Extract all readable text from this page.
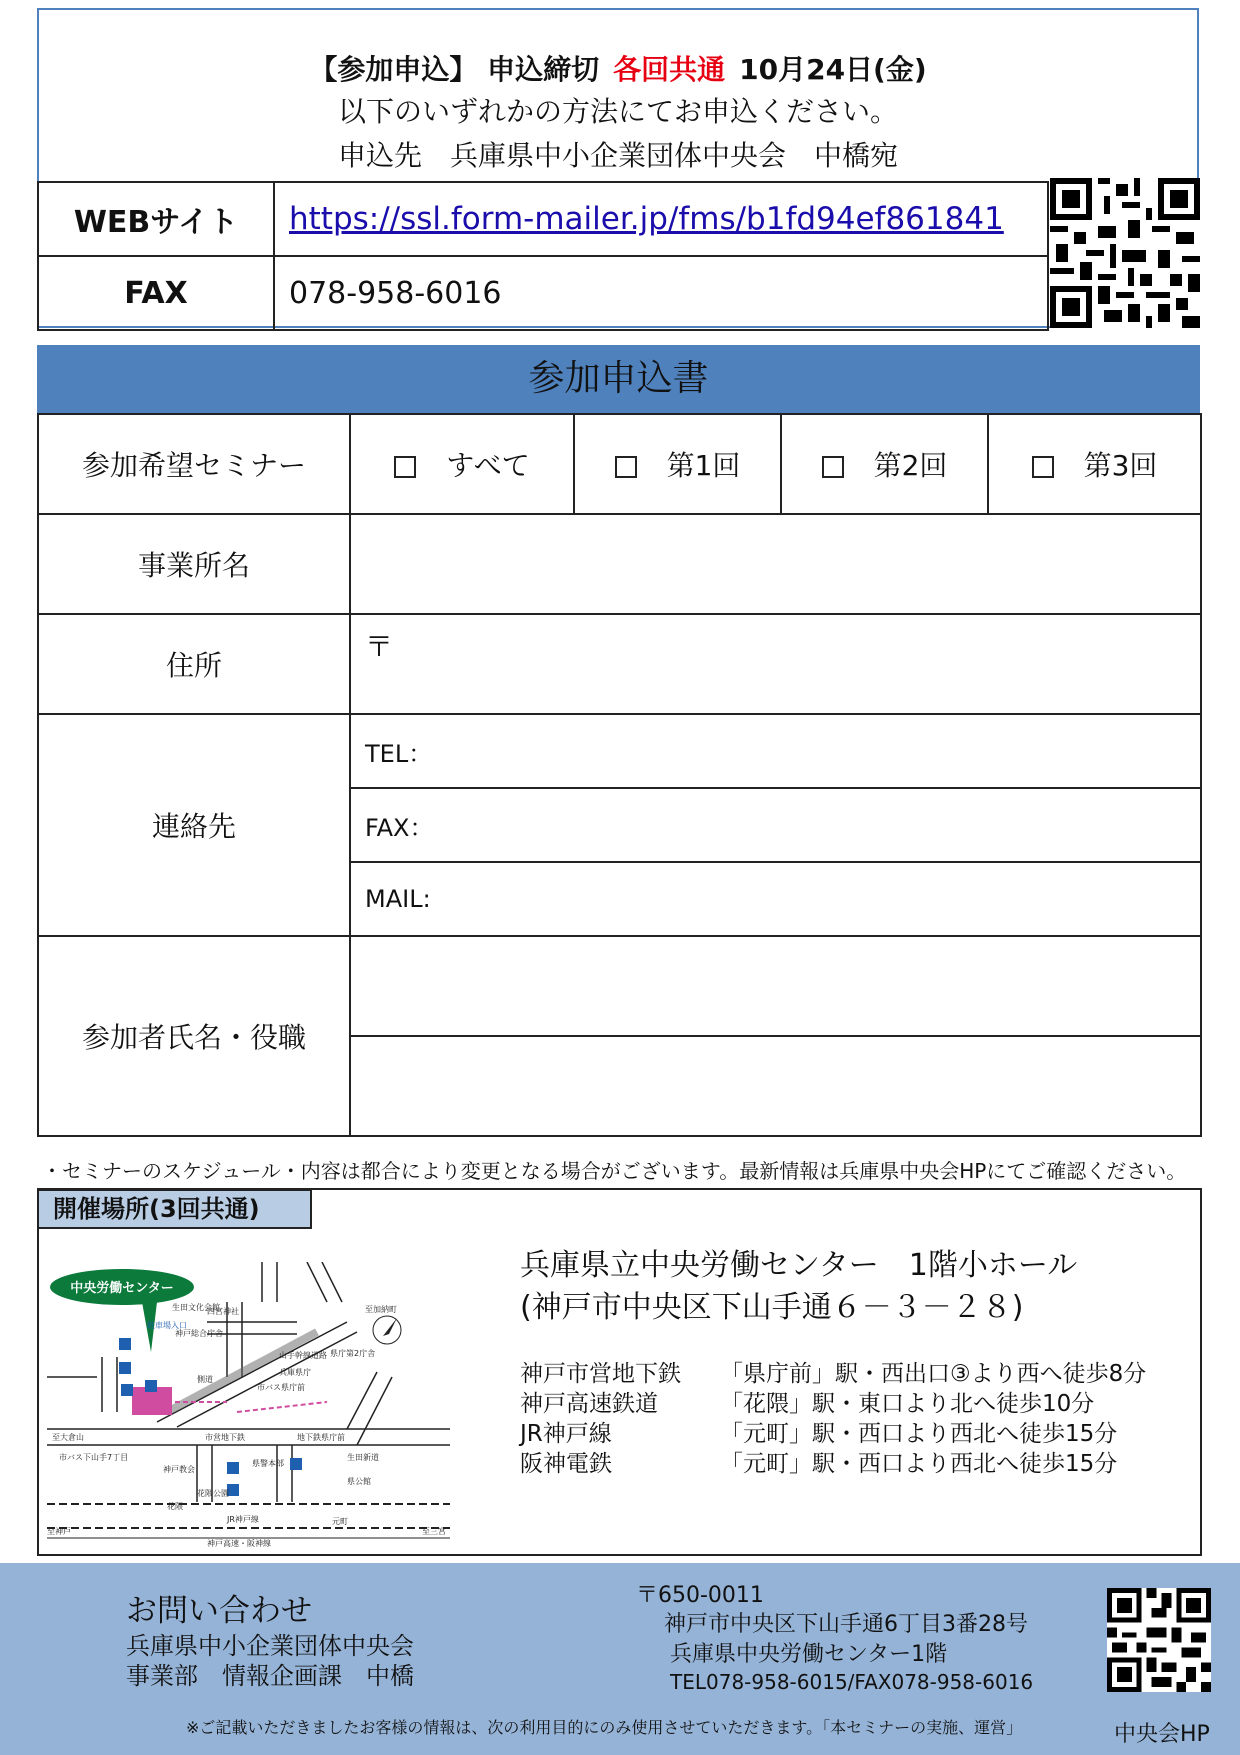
【参加申込】 申込締切 各回共通 10月24日(金)
以下のいずれかの方法にてお申込ください。
申込先　兵庫県中小企業団体中央会　中橋宛
WEBサイト	https://ssl.form-mailer.jp/fms/b1fd94ef861841
FAX	078-958-6016
参加申込書
参加希望セミナー	すべて	第1回	第2回	第3回
事業所名				
住所	〒			
連絡先	TEL：			
	FAX：			
	MAIL:			
参加者氏名・役職				

・セミナーのスケジュール・内容は都合により変更となる場合がございます。最新情報は兵庫県中央会HPにてご確認ください。
開催場所(3回共通)
兵庫県立中央労働センター　1階小ホール
(神戸市中央区下山手通６－３－２８)
神戸市営地下鉄 「県庁前」駅・西出口③より西へ徒歩8分
神戸高速鉄道	「花隈」駅・東口より北へ徒歩10分
JR神戸線	「元町」駅・西口より西北へ徒歩15分
阪神電鉄	「元町」駅・西口より西北へ徒歩15分
中央労働センター
生田文化会館
神戸総合庁舎
四宮神社	至加納町
駐車場入口
山手幹線道路 県庁第2庁舎
兵庫県庁
市バス県庁前
至大倉山	市営地下鉄	地下鉄県庁前
生田新道
市バス下山手7丁目
神戸教会
県警本部
県公館
花隈公園
花隈
JR神戸線	元町
至神戸	至三宮
神戸高速・阪神線
側道
お問い合わせ
兵庫県中小企業団体中央会
事業部　情報企画課　中橋
〒650-0011
神戸市中央区下山手通6丁目3番28号
兵庫県中央労働センター1階
TEL078-958-6015/FAX078-958-6016
※ご記載いただきましたお客様の情報は、次の利用目的にのみ使用させていただきます。「本セミナーの実施、運営」	中央会HP
